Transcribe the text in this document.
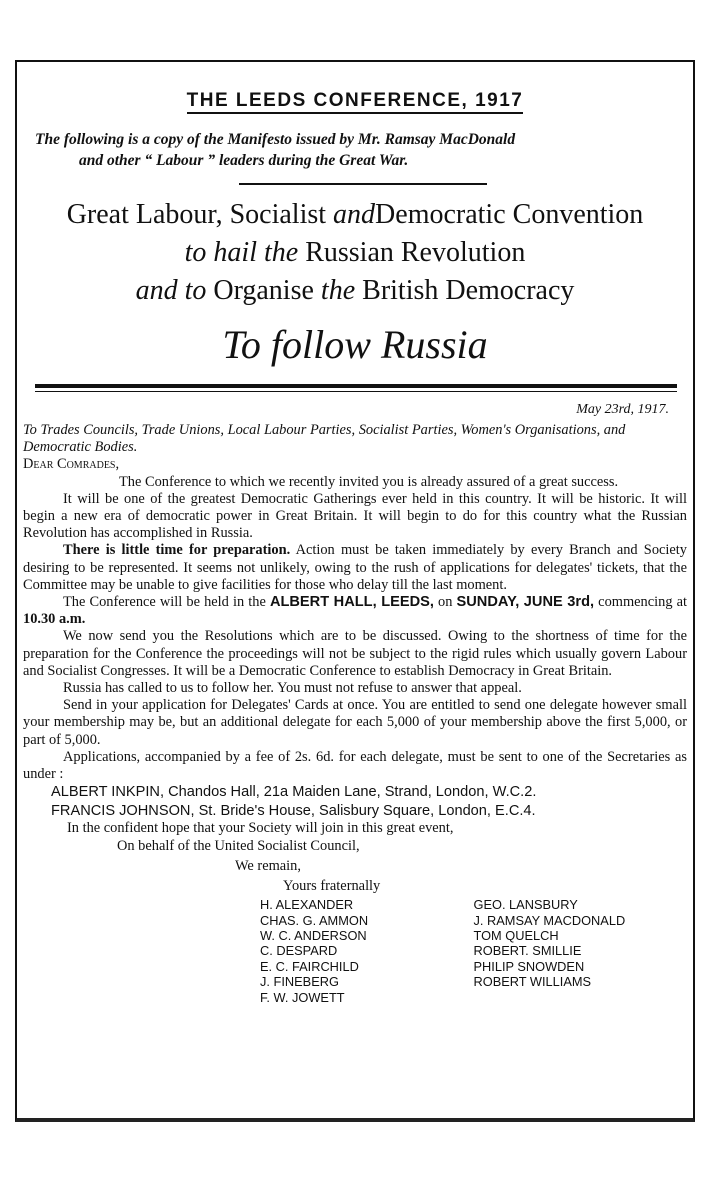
THE LEEDS CONFERENCE, 1917

The following is a copy of the Manifesto issued by Mr. Ramsay MacDonald
and other “ Labour ” leaders during the Great War.

Great Labour, Socialist andDemocratic Convention
to hail the Russian Revolution
and to Organise the British Democracy
To follow Russia
May 23rd, 1917.

To Trades Councils, Trade Unions, Local Labour Parties, Socialist Parties, Women's Organisations, and Democratic Bodies.

Dear Comrades,

The Conference to which we recently invited you is already assured of a great success.

It will be one of the greatest Democratic Gatherings ever held in this country. It will be historic. It will begin a new era of democratic power in Great Britain. It will begin to do for this country what the Russian Revolution has accomplished in Russia.

There is little time for preparation. Action must be taken immediately by every Branch and Society desiring to be represented. It seems not unlikely, owing to the rush of applications for delegates' tickets, that the Committee may be unable to give facilities for those who delay till the last moment.

The Conference will be held in the ALBERT HALL, LEEDS, on SUNDAY, JUNE 3rd, commencing at 10.30 a.m.

We now send you the Resolutions which are to be discussed. Owing to the shortness of time for the preparation for the Conference the proceedings will not be subject to the rigid rules which usually govern Labour and Socialist Congresses. It will be a Democratic Conference to establish Democracy in Great Britain.

Russia has called to us to follow her. You must not refuse to answer that appeal.

Send in your application for Delegates' Cards at once. You are entitled to send one delegate however small your membership may be, but an additional delegate for each 5,000 of your membership above the first 5,000, or part of 5,000.

Applications, accompanied by a fee of 2s. 6d. for each delegate, must be sent to one of the Secretaries as under :

ALBERT INKPIN, Chandos Hall, 21a Maiden Lane, Strand, London, W.C.2.
FRANCIS JOHNSON, St. Bride's House, Salisbury Square, London, E.C.4.

In the confident hope that your Society will join in this great event,

On behalf of the United Socialist Council,

We remain,

Yours fraternally

H. ALEXANDER
CHAS. G. AMMON
W. C. ANDERSON
C. DESPARD
E. C. FAIRCHILD
J. FINEBERG
F. W. JOWETT
GEO. LANSBURY
J. RAMSAY MACDONALD
TOM QUELCH
ROBERT. SMILLIE
PHILIP SNOWDEN
ROBERT WILLIAMS
